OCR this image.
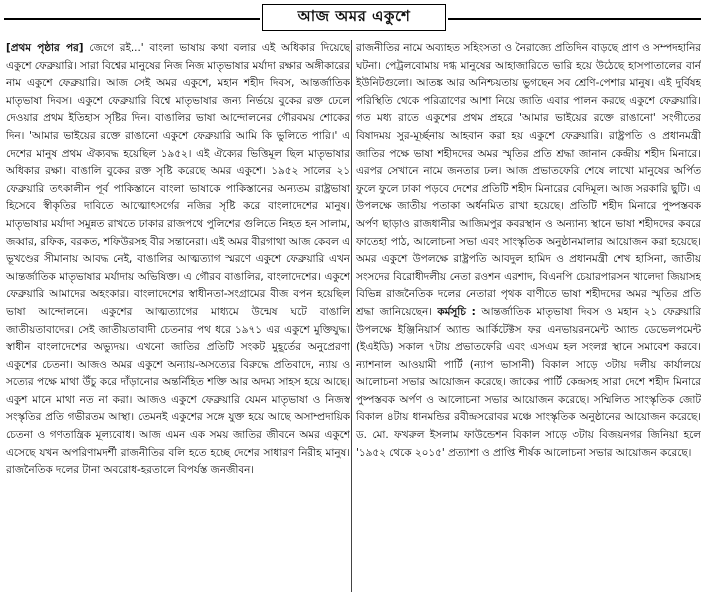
আজ অমর একুশে

[প্রথম পৃষ্ঠার পর] জেগে রই...' বাংলা ভাষায় কথা বলার এই অধিকার দিয়েছে একুশে ফেব্রুয়ারি। সারা বিশ্বের মানুষের নিজ নিজ মাতৃভাষার মর্যাদা রক্ষার অঙ্গীকারের নাম একুশে ফেব্রুয়ারি। আজ সেই অমর একুশে, মহান শহীদ দিবস, আন্তর্জাতিক মাতৃভাষা দিবস। একুশে ফেব্রুয়ারি বিশ্বে মাতৃভাষার জন্য নির্ভয়ে বুকের রক্ত ঢেলে দেওয়ার প্রথম ইতিহাস সৃষ্টির দিন। বাঙালির ভাষা আন্দোলনের গৌরবময় শোকের দিন। 'আমার ভাইয়ের রক্তে রাঙানো একুশে ফেব্রুয়ারি আমি কি ভুলিতে পারি।' এ দেশের মানুষ প্রথম ঐক্যবদ্ধ হয়েছিল ১৯৫২। এই ঐক্যের ভিত্তিমূল ছিল মাতৃভাষার অধিকার রক্ষা। বাঙালি বুকের রক্ত সৃষ্টি করেছে অমর একুশে। ১৯৫২ সালের ২১ ফেব্রুয়ারি তৎকালীন পূর্ব পাকিস্তানে বাংলা ভাষাকে পাকিস্তানের অন্যতম রাষ্ট্রভাষা হিসেবে স্বীকৃতির দাবিতে আত্মোৎসর্গের নজির সৃষ্টি করে বাংলাদেশের মানুষ। মাতৃভাষার মর্যাদা সমুন্নত রাখতে ঢাকার রাজপথে পুলিশের গুলিতে নিহত হন সালাম, জব্বার, রফিক, বরকত, শফিউরসহ বীর সন্তানেরা। এই অমর বীরগাথা আজ কেবল এ ভূখণ্ডের সীমানায় আবদ্ধ নেই, বাঙালির আত্মত্যাগ স্মরণে একুশে ফেব্রুয়ারি এখন আন্তর্জাতিক মাতৃভাষার মর্যাদায় অভিষিক্ত। এ গৌরব বাঙালির, বাংলাদেশের। একুশে ফেব্রুয়ারি আমাদের অহংকার। বাংলাদেশের স্বাধীনতা-সংগ্রামের বীজ বপন হয়েছিল ভাষা আন্দোলনে। একুশের আত্মত্যাগের মাধ্যমে উন্মেষ ঘটে বাঙালি জাতীয়তাবাদের। সেই জাতীয়তাবাদী চেতনার পথ ধরে ১৯৭১ এর একুশে মুক্তিযুদ্ধ। স্বাধীন বাংলাদেশের অভ্যুদয়। এখনো জাতির প্রতিটি সংকট মুহূর্তের অনুপ্রেরণা একুশের চেতনা। আজও অমর একুশে অন্যায়-অসত্যের বিরুদ্ধে প্রতিবাদে, ন্যায় ও সত্যের পক্ষে মাথা উঁচু করে দাঁড়ানোর অন্তর্নিহিত শক্তি আর অদম্য সাহস হয়ে আছে। একুশ মানে মাথা নত না করা। আজও একুশে ফেব্রুয়ারি যেমন মাতৃভাষা ও নিজস্ব সংস্কৃতির প্রতি গভীরতম আস্থা। তেমনই একুশের সঙ্গে যুক্ত হয়ে আছে অসাম্প্রদায়িক চেতনা ও গণতান্ত্রিক মূল্যবোধ। আজ এমন এক সময় জাতির জীবনে অমর একুশে এসেছে যখন অপরিণামদর্শী রাজনীতির বলি হতে হচ্ছে দেশের সাধারণ নিরীহ মানুষ। রাজনৈতিক দলের টানা অবরোধ-হরতালে বিপর্যস্ত জনজীবন।

রাজনীতির নামে অব্যাহত সহিংসতা ও নৈরাজ্যে প্রতিদিন বাড়ছে প্রাণ ও সম্পদহানির ঘটনা। পেট্রলবোমায় দগ্ধ মানুষের আহাজারিতে ভারি হয়ে উঠেছে হাসপাতালের বার্ন ইউনিটগুলো। আতঙ্ক আর অনিশ্চয়তায় ভুগছেন সব শ্রেণি-পেশার মানুষ। এই দুর্বিষহ পরিস্থিতি থেকে পরিত্রাণের আশা নিয়ে জাতি এবার পালন করছে একুশে ফেব্রুয়ারি। গত মধ্য রাতে একুশের প্রথম প্রহরে 'আমার ভাইয়ের রক্তে রাঙানো' সংগীতের বিষাদময় সুর-মূর্চ্ছনায় আহবান করা হয় একুশে ফেব্রুয়ারি। রাষ্ট্রপতি ও প্রধানমন্ত্রী জাতির পক্ষে ভাষা শহীদদের অমর স্মৃতির প্রতি শ্রদ্ধা জানান কেন্দ্রীয় শহীদ মিনারে। এরপর সেখানে নামে জনতার ঢল। আজ প্রভাতফেরি শেষে লাখো মানুষের অর্পিত ফুলে ফুলে ঢাকা পড়বে দেশের প্রতিটি শহীদ মিনারের বেদিমূল। আজ সরকারি ছুটি। এ উপলক্ষে জাতীয় পতাকা অর্ধনমিত রাখা হয়েছে। প্রতিটি শহীদ মিনারে পুষ্পস্তবক অর্পণ ছাড়াও রাজধানীর আজিমপুর কবরস্থান ও অন্যান্য স্থানে ভাষা শহীদদের কবরে ফাতেহা পাঠ, আলোচনা সভা এবং সাংস্কৃতিক অনুষ্ঠানমালার আয়োজন করা হয়েছে। অমর একুশে উপলক্ষে রাষ্ট্রপতি আবদুল হামিদ ও প্রধানমন্ত্রী শেখ হাসিনা, জাতীয় সংসদের বিরোধীদলীয় নেতা রওশন এরশাদ, বিএনপি চেয়ারপারসন খালেদা জিয়াসহ বিভিন্ন রাজনৈতিক দলের নেতারা পৃথক বাণীতে ভাষা শহীদদের অমর স্মৃতির প্রতি শ্রদ্ধা জানিয়েছেন। কর্মসূচি : আন্তর্জাতিক মাতৃভাষা দিবস ও মহান ২১ ফেব্রুয়ারি উপলক্ষে ইঞ্জিনিয়ার্স অ্যান্ড আর্কিটেক্টস ফর এনভায়রনমেন্ট অ্যান্ড ডেভেলপমেন্ট (ইএইডি) সকাল ৭টায় প্রভাতফেরি এবং এসএম হল সংলগ্ন স্থানে সমাবেশ করবে। ন্যাশনাল আওয়ামী পার্টি (ন্যাপ ভাসানী) বিকাল সাড়ে ৩টায় দলীয় কার্যালয়ে আলোচনা সভার আয়োজন করেছে। জাকের পার্টি কেন্দ্রসহ সারা দেশে শহীদ মিনারে পুষ্পস্তবক অর্পণ ও আলোচনা সভার আয়োজন করেছে। সম্মিলিত সাংস্কৃতিক জোট বিকাল ৪টায় ধানমন্ডির রবীন্দ্রসরোবর মঞ্চে সাংস্কৃতিক অনুষ্ঠানের আয়োজন করেছে। ড. মো. ফখরুল ইসলাম ফাউন্ডেশন বিকাল সাড়ে ৩টায় বিজয়নগর জিনিয়া হলে '১৯৫২ থেকে ২০১৫' প্রত্যাশা ও প্রাপ্তি শীর্ষক আলোচনা সভার আয়োজন করেছে।
